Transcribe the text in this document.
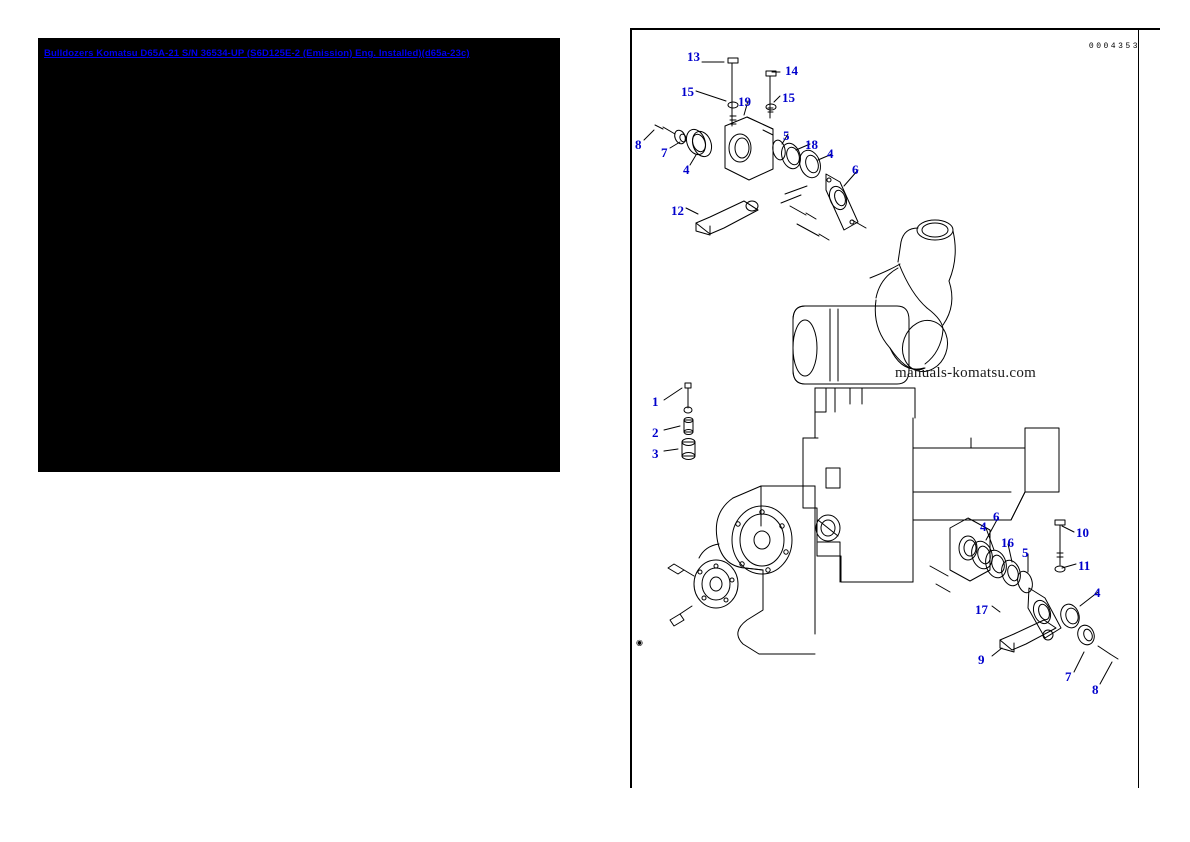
Bulldozers Komatsu D65A-21 S/N 36534-UP (S6D125E-2 (Emission) Eng. Installed)(d65a-23c)
0004353
◉
manuals-komatsu.com
13
14
15
19 15
8
7
4
5
18
4
6
12
1
2
3
6
4
16
5
10
11
4
17
9
7
8
